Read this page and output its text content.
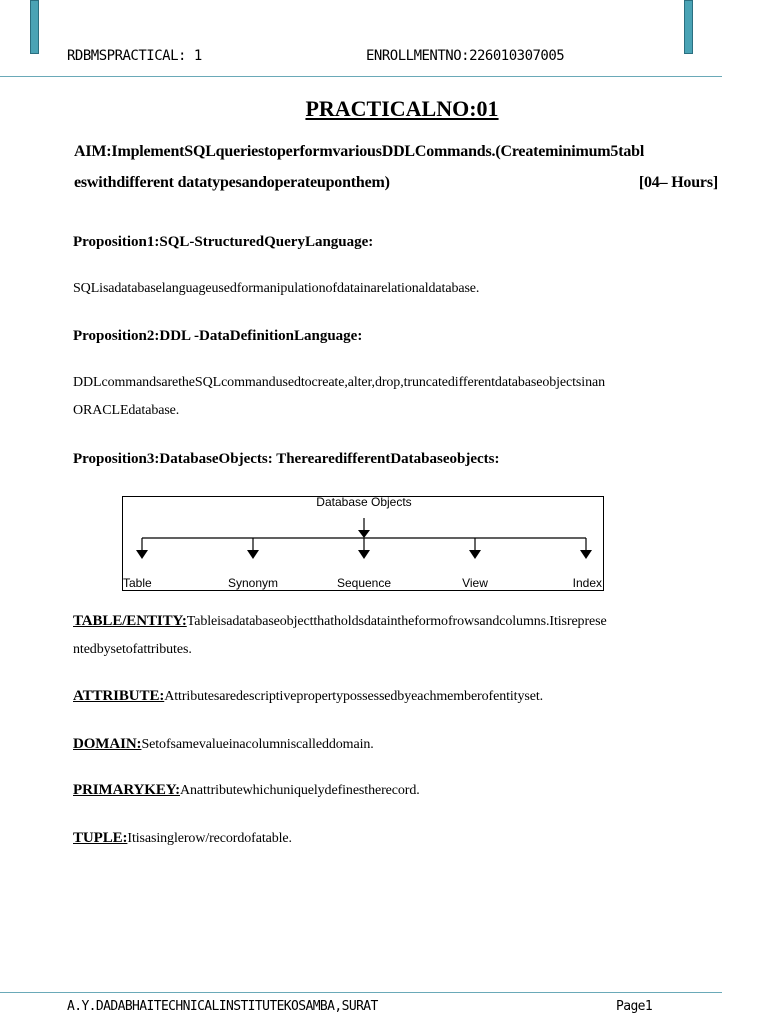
RDBMSPRACTICAL: 1	ENROLLMENTNO:226010307005
PRACTICALNO:01
AIM:ImplementSQLqueriestoperformvariousDDLCommands.(Createminimum5tabl
eswithdifferent datatypesandoperateuponthem)	[04– Hours]
Proposition1:SQL-StructuredQueryLanguage:
SQLisadatabaselanguageusedformanipulationofdatainarelationaldatabase.
Proposition2:DDL -DataDefinitionLanguage:
DDLcommandsaretheSQLcommandusedtocreate,alter,drop,truncatedifferentdatabaseobjectsinan
ORACLEdatabase.
Proposition3:DatabaseObjects: TherearedifferentDatabaseobjects:
Database Objects
Table	Synonym	Sequence	View	Index
TABLE/ENTITY:Tableisadatabaseobjectthatholdsdataintheformofrowsandcolumns.Itisreprese
ntedbysetofattributes.
ATTRIBUTE:Attributesaredescriptivepropertypossessedbyeachmemberofentityset.
DOMAIN:Setofsamevalueinacolumniscalleddomain.
PRIMARYKEY:Anattributewhichuniquelydefinestherecord.
TUPLE:Itisasinglerow/recordofatable.
A.Y.DADABHAITECHNICALINSTITUTEKOSAMBA,SURAT	Page1
